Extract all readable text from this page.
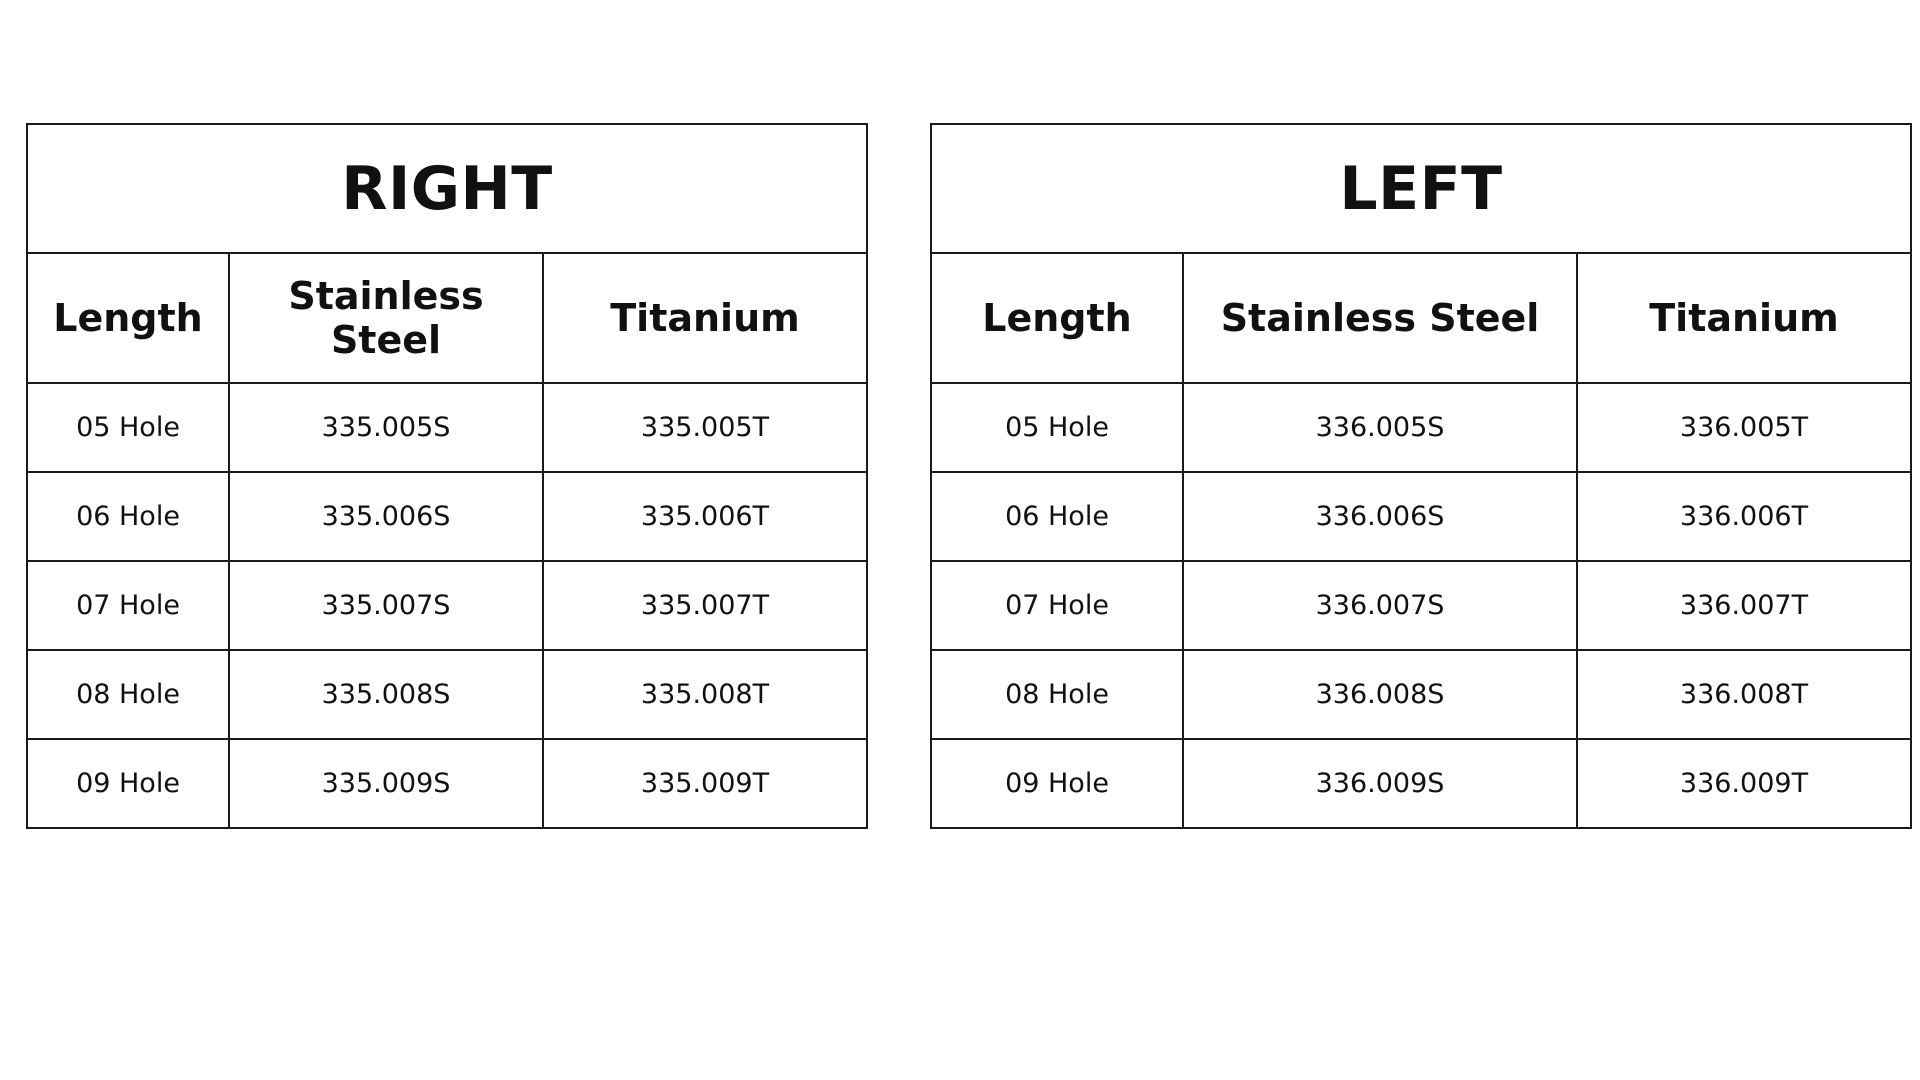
RIGHT		
Length	Stainless Steel	Titanium
05 Hole	335.005S	335.005T
06 Hole	335.006S	335.006T
07 Hole	335.007S	335.007T
08 Hole	335.008S	335.008T
09 Hole	335.009S	335.009T
LEFT		
Length	Stainless Steel	Titanium
05 Hole	336.005S	336.005T
06 Hole	336.006S	336.006T
07 Hole	336.007S	336.007T
08 Hole	336.008S	336.008T
09 Hole	336.009S	336.009T
